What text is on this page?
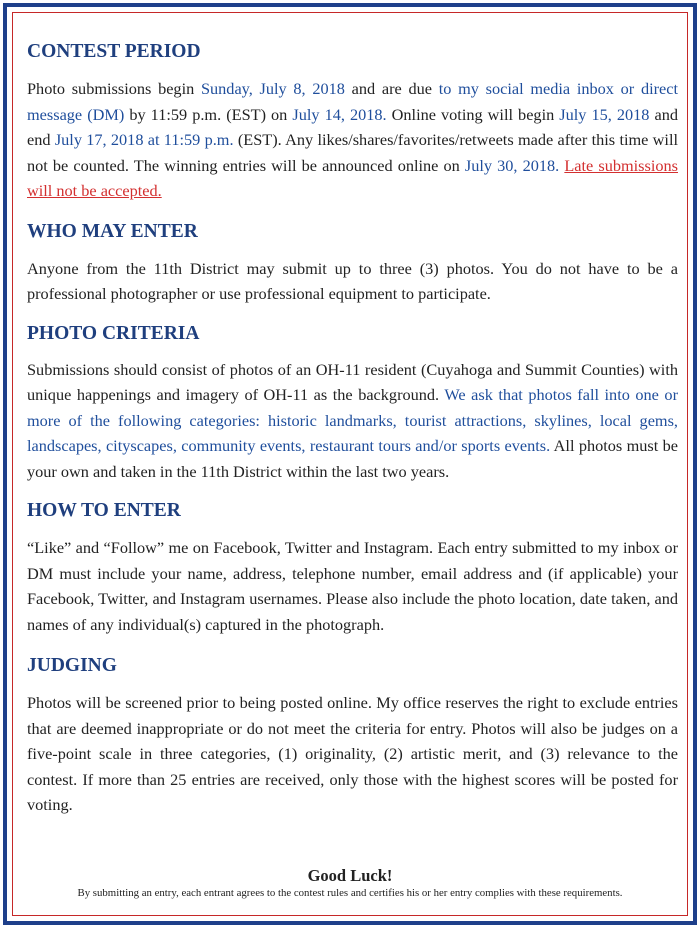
CONTEST PERIOD

Photo submissions begin Sunday, July 8, 2018 and are due to my social media inbox or direct message (DM) by 11:59 p.m. (EST) on July 14, 2018. Online voting will begin July 15, 2018 and end July 17, 2018 at 11:59 p.m. (EST). Any likes/shares/favorites/retweets made after this time will not be counted. The winning entries will be announced online on July 30, 2018. Late submissions will not be accepted.

WHO MAY ENTER

Anyone from the 11th District may submit up to three (3) photos. You do not have to be a professional photographer or use professional equipment to participate.

PHOTO CRITERIA

Submissions should consist of photos of an OH-11 resident (Cuyahoga and Summit Counties) with unique happenings and imagery of OH-11 as the background. We ask that photos fall into one or more of the following categories: historic landmarks, tourist attractions, skylines, local gems, landscapes, cityscapes, community events, restaurant tours and/or sports events. All photos must be your own and taken in the 11th District within the last two years.

HOW TO ENTER

“Like” and “Follow” me on Facebook, Twitter and Instagram. Each entry submitted to my inbox or DM must include your name, address, telephone number, email address and (if applicable) your Facebook, Twitter, and Instagram usernames. Please also include the photo location, date taken, and names of any individual(s) captured in the photograph.

JUDGING

Photos will be screened prior to being posted online. My office reserves the right to exclude entries that are deemed inappropriate or do not meet the criteria for entry. Photos will also be judges on a five-point scale in three categories, (1) originality, (2) artistic merit, and (3) relevance to the contest. If more than 25 entries are received, only those with the highest scores will be posted for voting.

Good Luck!

By submitting an entry, each entrant agrees to the contest rules and certifies his or her entry complies with these requirements.
